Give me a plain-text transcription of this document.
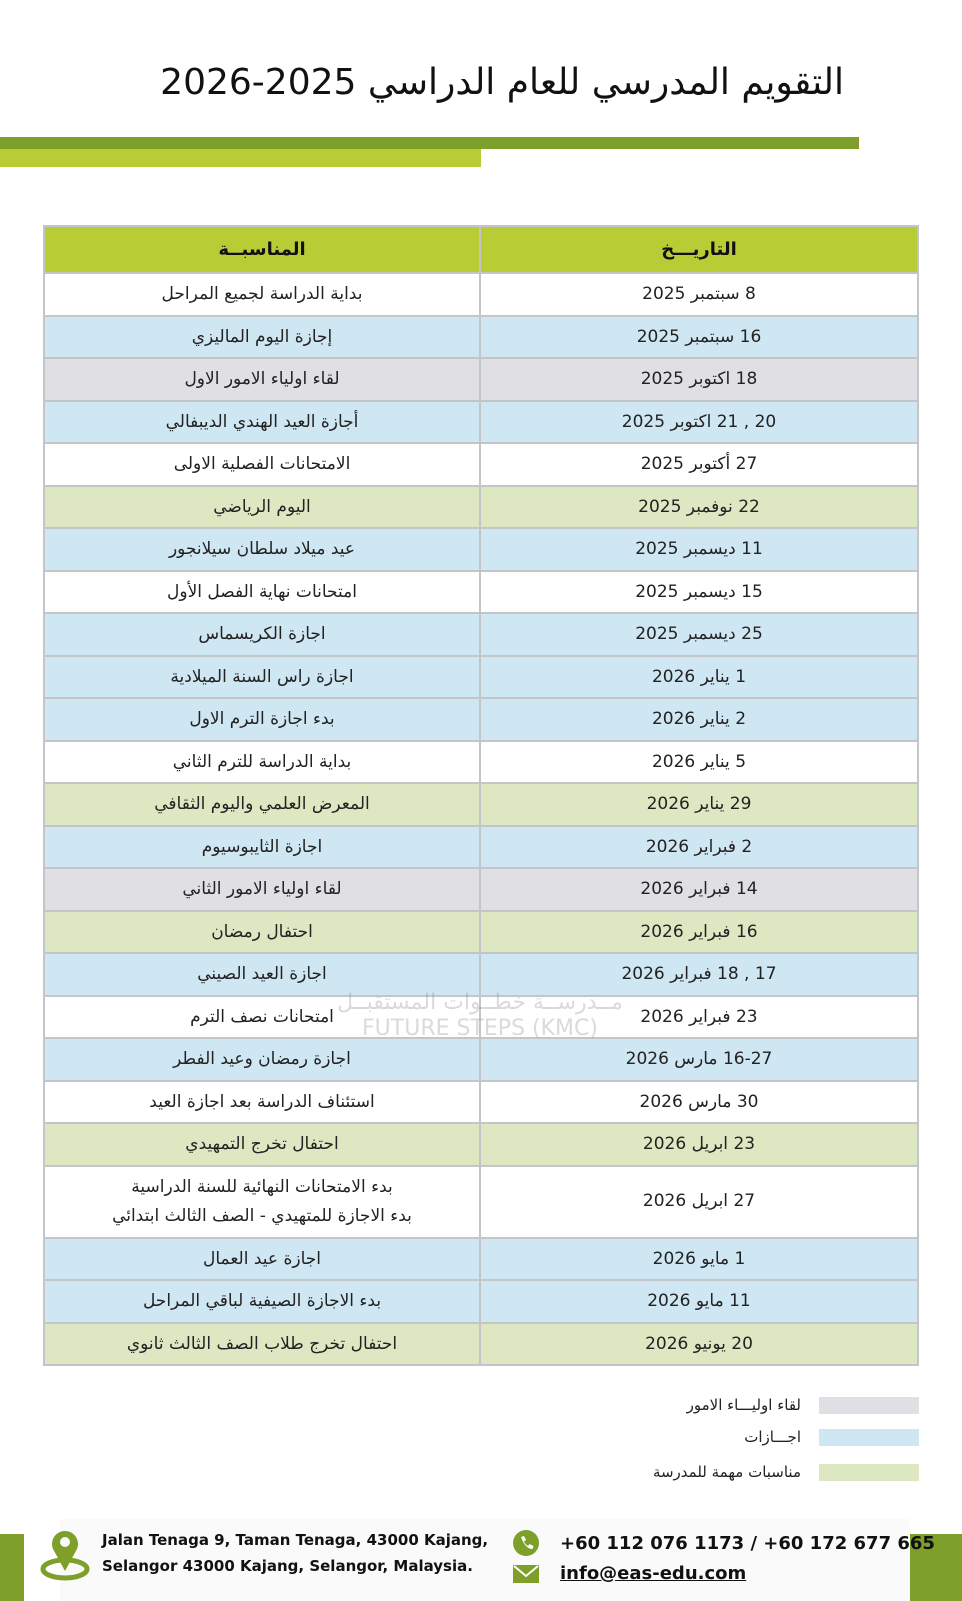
التقويم المدرسي للعام الدراسي 2025-2026
التاريـــخ	المناسبــة
8 سبتمبر 2025	بداية الدراسة لجميع المراحل
16 سبتمبر 2025	إجازة اليوم الماليزي
18 اكتوبر 2025	لقاء اولياء الامور الاول
20 , 21 اكتوبر 2025	أجازة العيد الهندي الديبفالي
27 أكتوبر 2025	الامتحانات الفصلية الاولى
22 نوفمبر 2025	اليوم الرياضي
11 ديسمبر 2025	عيد ميلاد سلطان سيلانجور
15 ديسمبر 2025	امتحانات نهاية الفصل الأول
25 ديسمبر 2025	اجازة الكريسماس
1 يناير 2026	اجازة راس السنة الميلادية
2 يناير 2026	بدء اجازة الترم الاول
5 يناير 2026	بداية الدراسة للترم الثاني
29 يناير 2026	المعرض العلمي واليوم الثقافي
2 فبراير 2026	اجازة الثايبوسيوم
14 فبراير 2026	لقاء اولياء الامور الثاني
16 فبراير 2026	احتفال رمضان
17 , 18 فبراير 2026	اجازة العيد الصيني
23 فبراير 2026	امتحانات نصف الترم
16-27 مارس 2026	اجازة رمضان وعيد الفطر
30 مارس 2026	استئناف الدراسة بعد اجازة العيد
23 ابريل 2026	احتفال تخرج التمهيدي
27 ابريل 2026	بدء الامتحانات النهائية للسنة الدراسية
بدء الاجازة للمتهيدي - الصف الثالث ابتدائي

1 مايو 2026	اجازة عيد العمال
11 مايو 2026	بدء الاجازة الصيفية لباقي المراحل
20 يونيو 2026	احتفال تخرج طلاب الصف الثالث ثانوي
مــدرســة خطــوات المستقبــل
FUTURE STEPS (KMC)
لقاء اوليـــاء الامور
اجـــازات
مناسبات مهمة للمدرسة
Jalan Tenaga 9, Taman Tenaga, 43000 Kajang,
Selangor 43000 Kajang, Selangor, Malaysia.
+60 112 076 1173 / +60 172 677 665
info@eas-edu.com
